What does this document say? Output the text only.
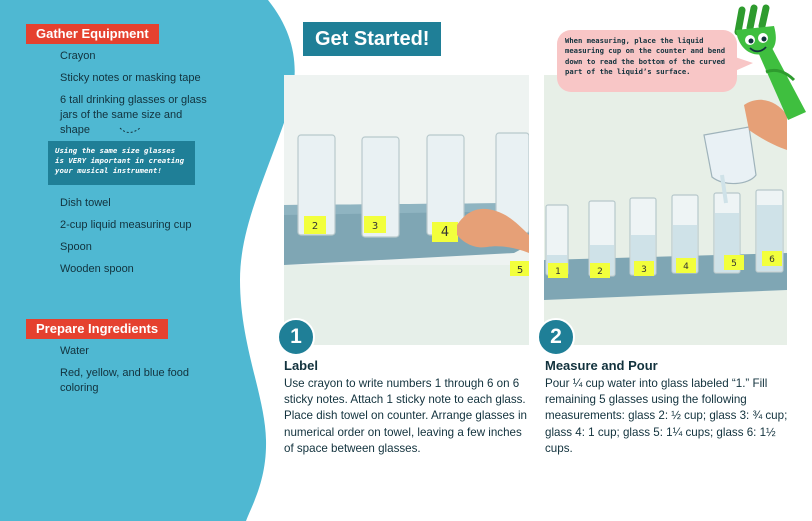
Gather Equipment
Crayon
Sticky notes or masking tape
6 tall drinking glasses or glass jars of the same size and shape
Using the same size glasses is VERY important in creating your musical instrument!
Dish towel
2-cup liquid measuring cup
Spoon
Wooden spoon
Prepare Ingredients
Water
Red, yellow, and blue food coloring
Get Started!
2	3	4
5	1	2	3	4	5	6
1	2
Label

Use crayon to write numbers 1 through 6 on 6 sticky notes. Attach 1 sticky note to each glass. Place dish towel on counter. Arrange glasses in numerical order on towel, leaving a few inches of space between glasses.

Measure and Pour

Pour ¼ cup water into glass labeled “1.” Fill remaining 5 glasses using the following measurements: glass 2: ½ cup; glass 3: ¾ cup; glass 4: 1 cup; glass 5: 1¼ cups; glass 6: 1½ cups.

When measuring, place the liquid measuring cup on the counter and bend down to read the bottom of the curved part of the liquid’s surface.
